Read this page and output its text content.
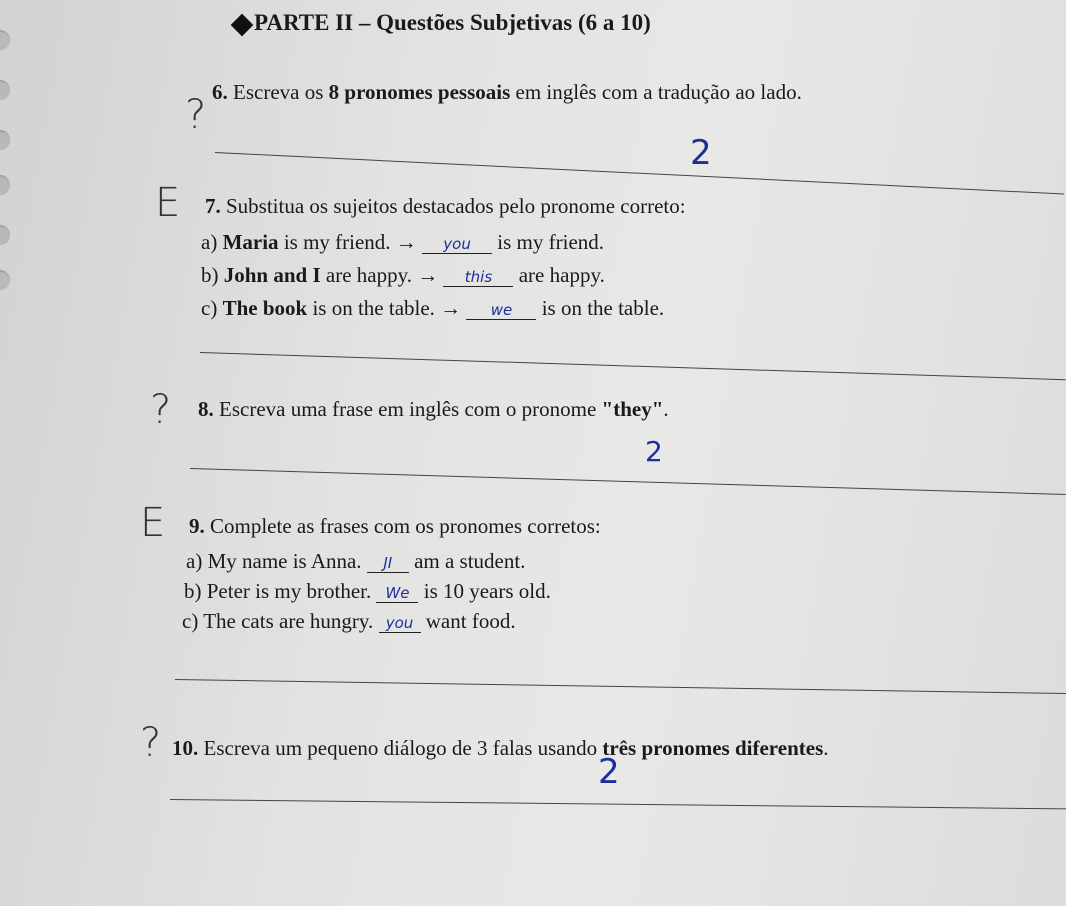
PARTE II – Questões Subjetivas (6 a 10)
? 6. Escreva os 8 pronomes pessoais em inglês com a tradução ao lado.
2
E 7. Substitua os sujeitos destacados pelo pronome correto:
a) Maria is my friend. → you is my friend.
b) John and I are happy. → this are happy.
c) The book is on the table. → we is on the table.
? 8. Escreva uma frase em inglês com o pronome "they".
2
E 9. Complete as frases com os pronomes corretos:
a) My name is Anna. JI am a student.
b) Peter is my brother. We is 10 years old.
c) The cats are hungry. you want food.
? 10. Escreva um pequeno diálogo de 3 falas usando três pronomes diferentes.
2
